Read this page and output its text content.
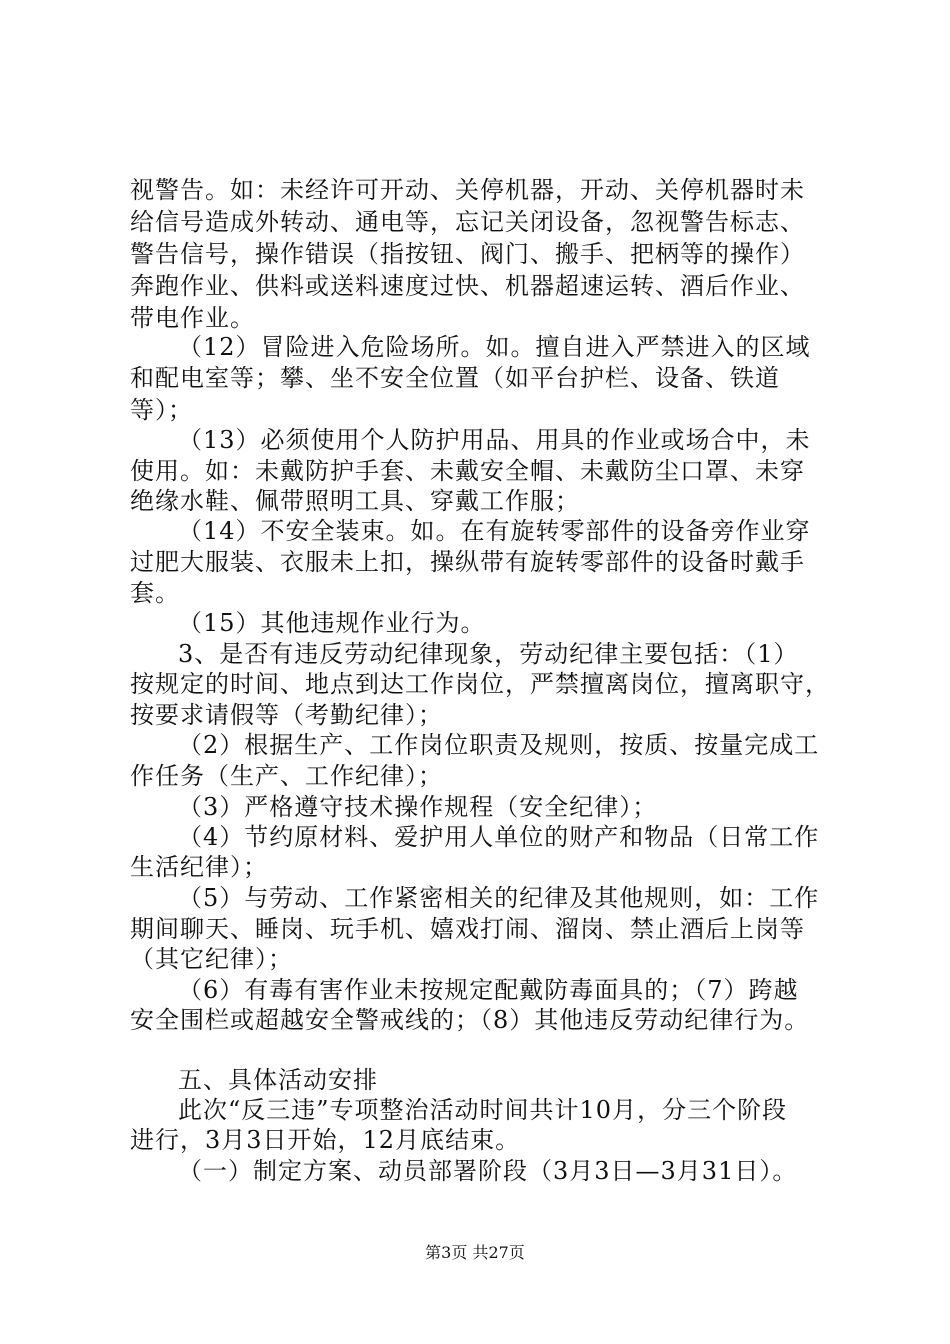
视警告。如：未经许可开动、关停机器，开动、关停机器时未
给信号造成外转动、通电等，忘记关闭设备，忽视警告标志、
警告信号，操作错误（指按钮、阀门、搬手、把柄等的操作）
奔跑作业、供料或送料速度过快、机器超速运转、酒后作业、
带电作业。
（12）冒险进入危险场所。如。擅自进入严禁进入的区域
和配电室等；攀、坐不安全位置（如平台护栏、设备、铁道
等）；
（13）必须使用个人防护用品、用具的作业或场合中，未
使用。如：未戴防护手套、未戴安全帽、未戴防尘口罩、未穿
绝缘水鞋、佩带照明工具、穿戴工作服；
（14）不安全装束。如。在有旋转零部件的设备旁作业穿
过肥大服装、衣服未上扣，操纵带有旋转零部件的设备时戴手
套。
（15）其他违规作业行为。
3、是否有违反劳动纪律现象，劳动纪律主要包括：（1）
按规定的时间、地点到达工作岗位，严禁擅离岗位，擅离职守，
按要求请假等（考勤纪律）；
（2）根据生产、工作岗位职责及规则，按质、按量完成工
作任务（生产、工作纪律）；
（3）严格遵守技术操作规程（安全纪律）；
（4）节约原材料、爱护用人单位的财产和物品（日常工作
生活纪律）；
（5）与劳动、工作紧密相关的纪律及其他规则，如：工作
期间聊天、睡岗、玩手机、嬉戏打闹、溜岗、禁止酒后上岗等
（其它纪律）；
（6）有毒有害作业未按规定配戴防毒面具的；（7）跨越
安全围栏或超越安全警戒线的；（8）其他违反劳动纪律行为。
五、具体活动安排
此次“反三违”专项整治活动时间共计10月，分三个阶段
进行，3月3日开始，12月底结束。
（一）制定方案、动员部署阶段（3月3日—3月31日）。
第3页 共27页
